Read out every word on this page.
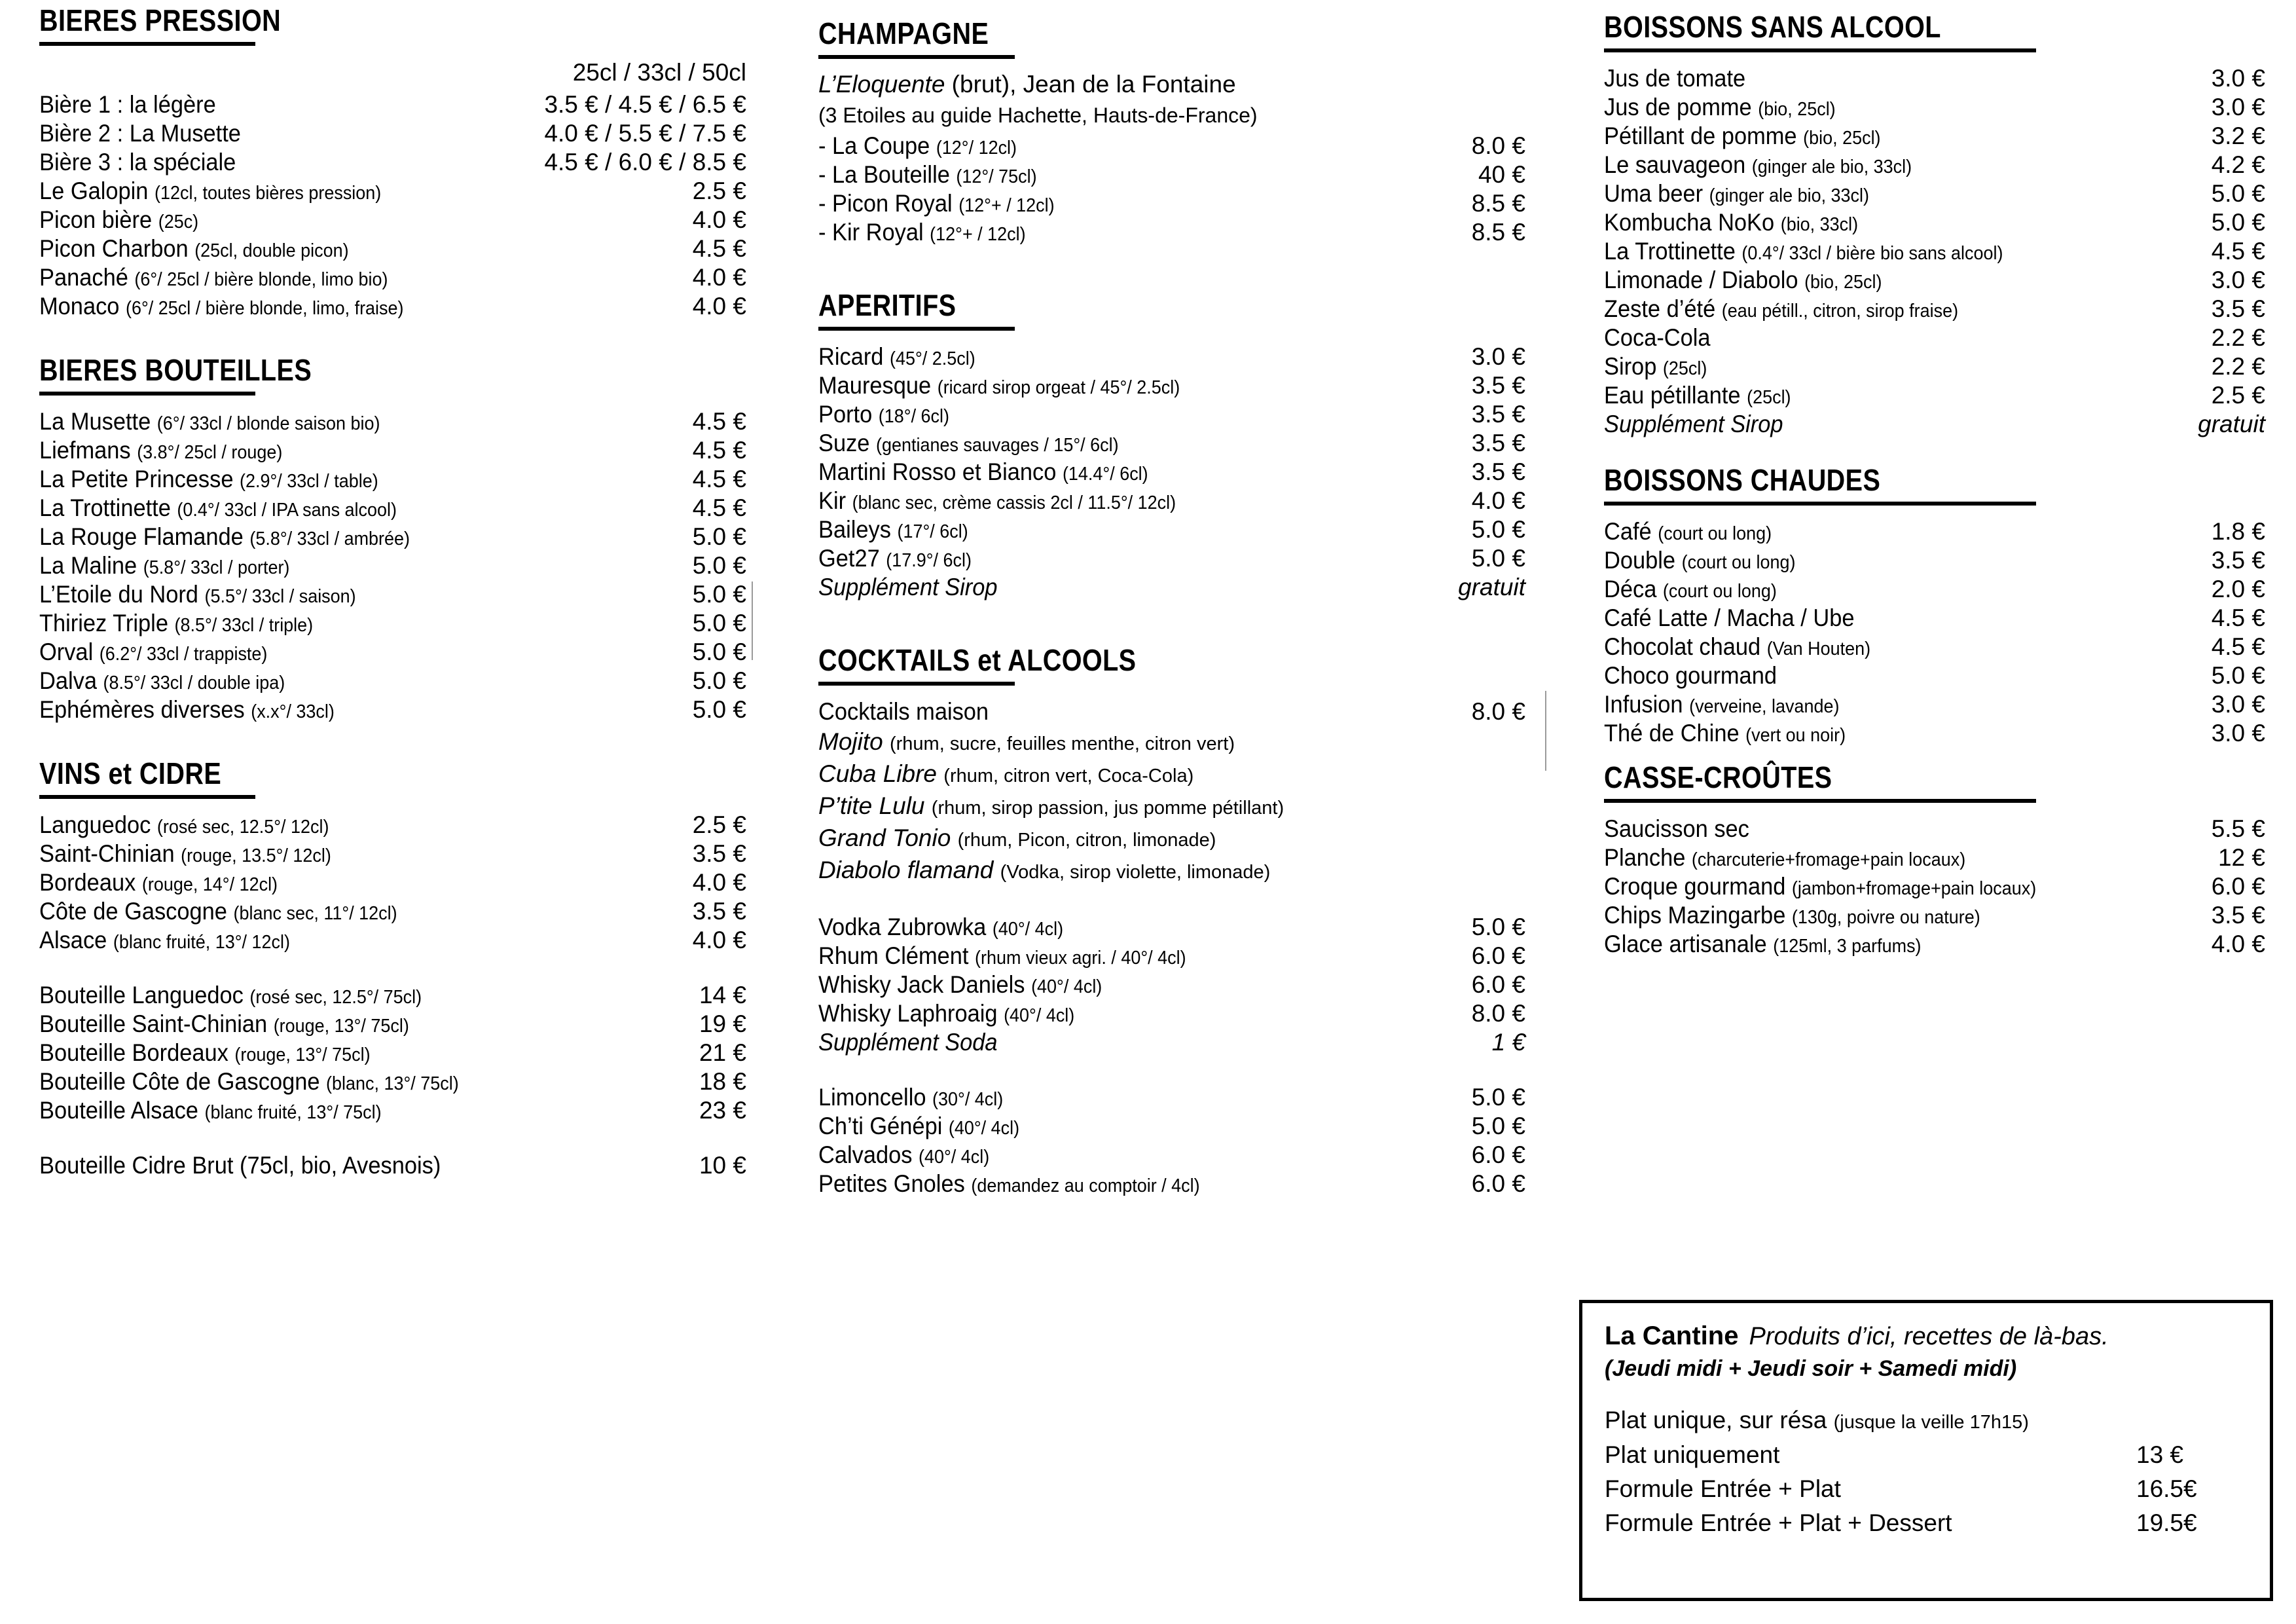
BIERES PRESSION
25cl / 33cl / 50cl
Bière 1 : la légère	3.5 € / 4.5 € / 6.5 €
Bière 2 : La Musette	4.0 € / 5.5 € / 7.5 €
Bière 3 : la spéciale	4.5 € / 6.0 € / 8.5 €
Le Galopin (12cl, toutes bières pression)	2.5 €
Picon bière (25c)	4.0 €
Picon Charbon (25cl, double picon)	4.5 €
Panaché (6°/ 25cl / bière blonde, limo bio)	4.0 €
Monaco (6°/ 25cl / bière blonde, limo, fraise)	4.0 €
BIERES BOUTEILLES
La Musette (6°/ 33cl / blonde saison bio)	4.5 €
Liefmans (3.8°/ 25cl / rouge)	4.5 €
La Petite Princesse (2.9°/ 33cl / table)	4.5 €
La Trottinette (0.4°/ 33cl / IPA sans alcool)	4.5 €
La Rouge Flamande (5.8°/ 33cl / ambrée)	5.0 €
La Maline (5.8°/ 33cl / porter)	5.0 €
L’Etoile du Nord (5.5°/ 33cl / saison)	5.0 €
Thiriez Triple (8.5°/ 33cl / triple)	5.0 €
Orval (6.2°/ 33cl / trappiste)	5.0 €
Dalva (8.5°/ 33cl / double ipa)	5.0 €
Ephémères diverses (x.x°/ 33cl)	5.0 €
VINS et CIDRE
Languedoc (rosé sec, 12.5°/ 12cl)	2.5 €
Saint-Chinian (rouge, 13.5°/ 12cl)	3.5 €
Bordeaux (rouge, 14°/ 12cl)	4.0 €
Côte de Gascogne (blanc sec, 11°/ 12cl)	3.5 €
Alsace (blanc fruité, 13°/ 12cl)	4.0 €
Bouteille Languedoc (rosé sec, 12.5°/ 75cl)	14 €
Bouteille Saint-Chinian (rouge, 13°/ 75cl)	19 €
Bouteille Bordeaux (rouge, 13°/ 75cl)	21 €
Bouteille Côte de Gascogne (blanc, 13°/ 75cl)	18 €
Bouteille Alsace (blanc fruité, 13°/ 75cl)	23 €
Bouteille Cidre Brut (75cl, bio, Avesnois)	10 €
CHAMPAGNE
L’Eloquente (brut), Jean de la Fontaine
(3 Etoiles au guide Hachette, Hauts-de-France)
- La Coupe (12°/ 12cl)	8.0 €
- La Bouteille (12°/ 75cl)	40 €
- Picon Royal (12°+ / 12cl)	8.5 €
- Kir Royal (12°+ / 12cl)	8.5 €
APERITIFS
Ricard (45°/ 2.5cl)	3.0 €
Mauresque (ricard sirop orgeat / 45°/ 2.5cl)	3.5 €
Porto (18°/ 6cl)	3.5 €
Suze (gentianes sauvages / 15°/ 6cl)	3.5 €
Martini Rosso et Bianco (14.4°/ 6cl)	3.5 €
Kir (blanc sec, crème cassis 2cl / 11.5°/ 12cl)	4.0 €
Baileys (17°/ 6cl)	5.0 €
Get27 (17.9°/ 6cl)	5.0 €
Supplément Sirop	gratuit
COCKTAILS et ALCOOLS
Cocktails maison	8.0 €
Mojito (rhum, sucre, feuilles menthe, citron vert)
Cuba Libre (rhum, citron vert, Coca-Cola)
P’tite Lulu (rhum, sirop passion, jus pomme pétillant)
Grand Tonio (rhum, Picon, citron, limonade)
Diabolo flamand (Vodka, sirop violette, limonade)
Vodka Zubrowka (40°/ 4cl)	5.0 €
Rhum Clément (rhum vieux agri. / 40°/ 4cl)	6.0 €
Whisky Jack Daniels (40°/ 4cl)	6.0 €
Whisky Laphroaig (40°/ 4cl)	8.0 €
Supplément Soda	1 €
Limoncello (30°/ 4cl)	5.0 €
Ch’ti Génépi (40°/ 4cl)	5.0 €
Calvados (40°/ 4cl)	6.0 €
Petites Gnoles (demandez au comptoir / 4cl)	6.0 €
BOISSONS SANS ALCOOL
Jus de tomate	3.0 €
Jus de pomme (bio, 25cl)	3.0 €
Pétillant de pomme (bio, 25cl)	3.2 €
Le sauvageon (ginger ale bio, 33cl)	4.2 €
Uma beer (ginger ale bio, 33cl)	5.0 €
Kombucha NoKo (bio, 33cl)	5.0 €
La Trottinette (0.4°/ 33cl / bière bio sans alcool)	4.5 €
Limonade / Diabolo (bio, 25cl)	3.0 €
Zeste d’été (eau pétill., citron, sirop fraise)	3.5 €
Coca-Cola	2.2 €
Sirop (25cl)	2.2 €
Eau pétillante (25cl)	2.5 €
Supplément Sirop	gratuit
BOISSONS CHAUDES
Café (court ou long)	1.8 €
Double (court ou long)	3.5 €
Déca (court ou long)	2.0 €
Café Latte / Macha / Ube	4.5 €
Chocolat chaud (Van Houten)	4.5 €
Choco gourmand	5.0 €
Infusion (verveine, lavande)	3.0 €
Thé de Chine (vert ou noir)	3.0 €
CASSE-CROÛTES
Saucisson sec	5.5 €
Planche (charcuterie+fromage+pain locaux)	12 €
Croque gourmand (jambon+fromage+pain locaux)	6.0 €
Chips Mazingarbe (130g, poivre ou nature)	3.5 €
Glace artisanale (125ml, 3 parfums)	4.0 €
La Cantine Produits d’ici, recettes de là-bas.
(Jeudi midi + Jeudi soir + Samedi midi)
Plat unique, sur résa (jusque la veille 17h15)
Plat uniquement	13 €
Formule Entrée + Plat	16.5€
Formule Entrée + Plat + Dessert	19.5€
